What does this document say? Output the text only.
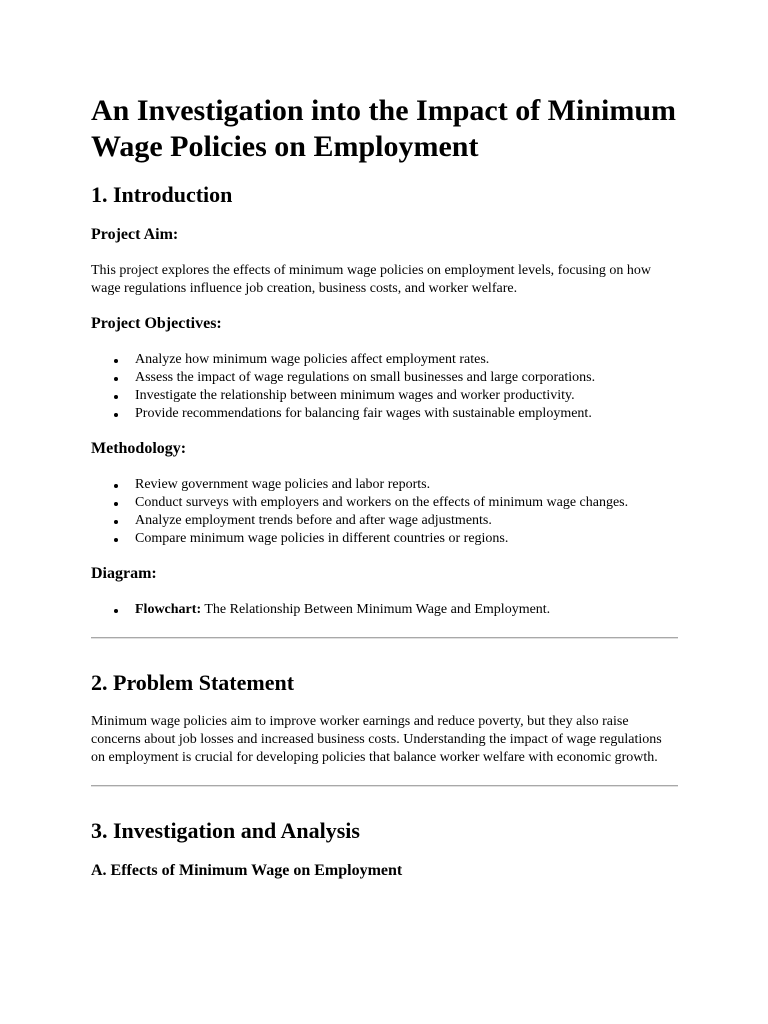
An Investigation into the Impact of Minimum Wage Policies on Employment
1. Introduction
Project Aim:

This project explores the effects of minimum wage policies on employment levels, focusing on how wage regulations influence job creation, business costs, and worker welfare.

Project Objectives:
Analyze how minimum wage policies affect employment rates.
Assess the impact of wage regulations on small businesses and large corporations.
Investigate the relationship between minimum wages and worker productivity.
Provide recommendations for balancing fair wages with sustainable employment.
Methodology:
Review government wage policies and labor reports.
Conduct surveys with employers and workers on the effects of minimum wage changes.
Analyze employment trends before and after wage adjustments.
Compare minimum wage policies in different countries or regions.
Diagram:
Flowchart: The Relationship Between Minimum Wage and Employment.
2. Problem Statement

Minimum wage policies aim to improve worker earnings and reduce poverty, but they also raise concerns about job losses and increased business costs. Understanding the impact of wage regulations on employment is crucial for developing policies that balance worker welfare with economic growth.

3. Investigation and Analysis
A. Effects of Minimum Wage on Employment
